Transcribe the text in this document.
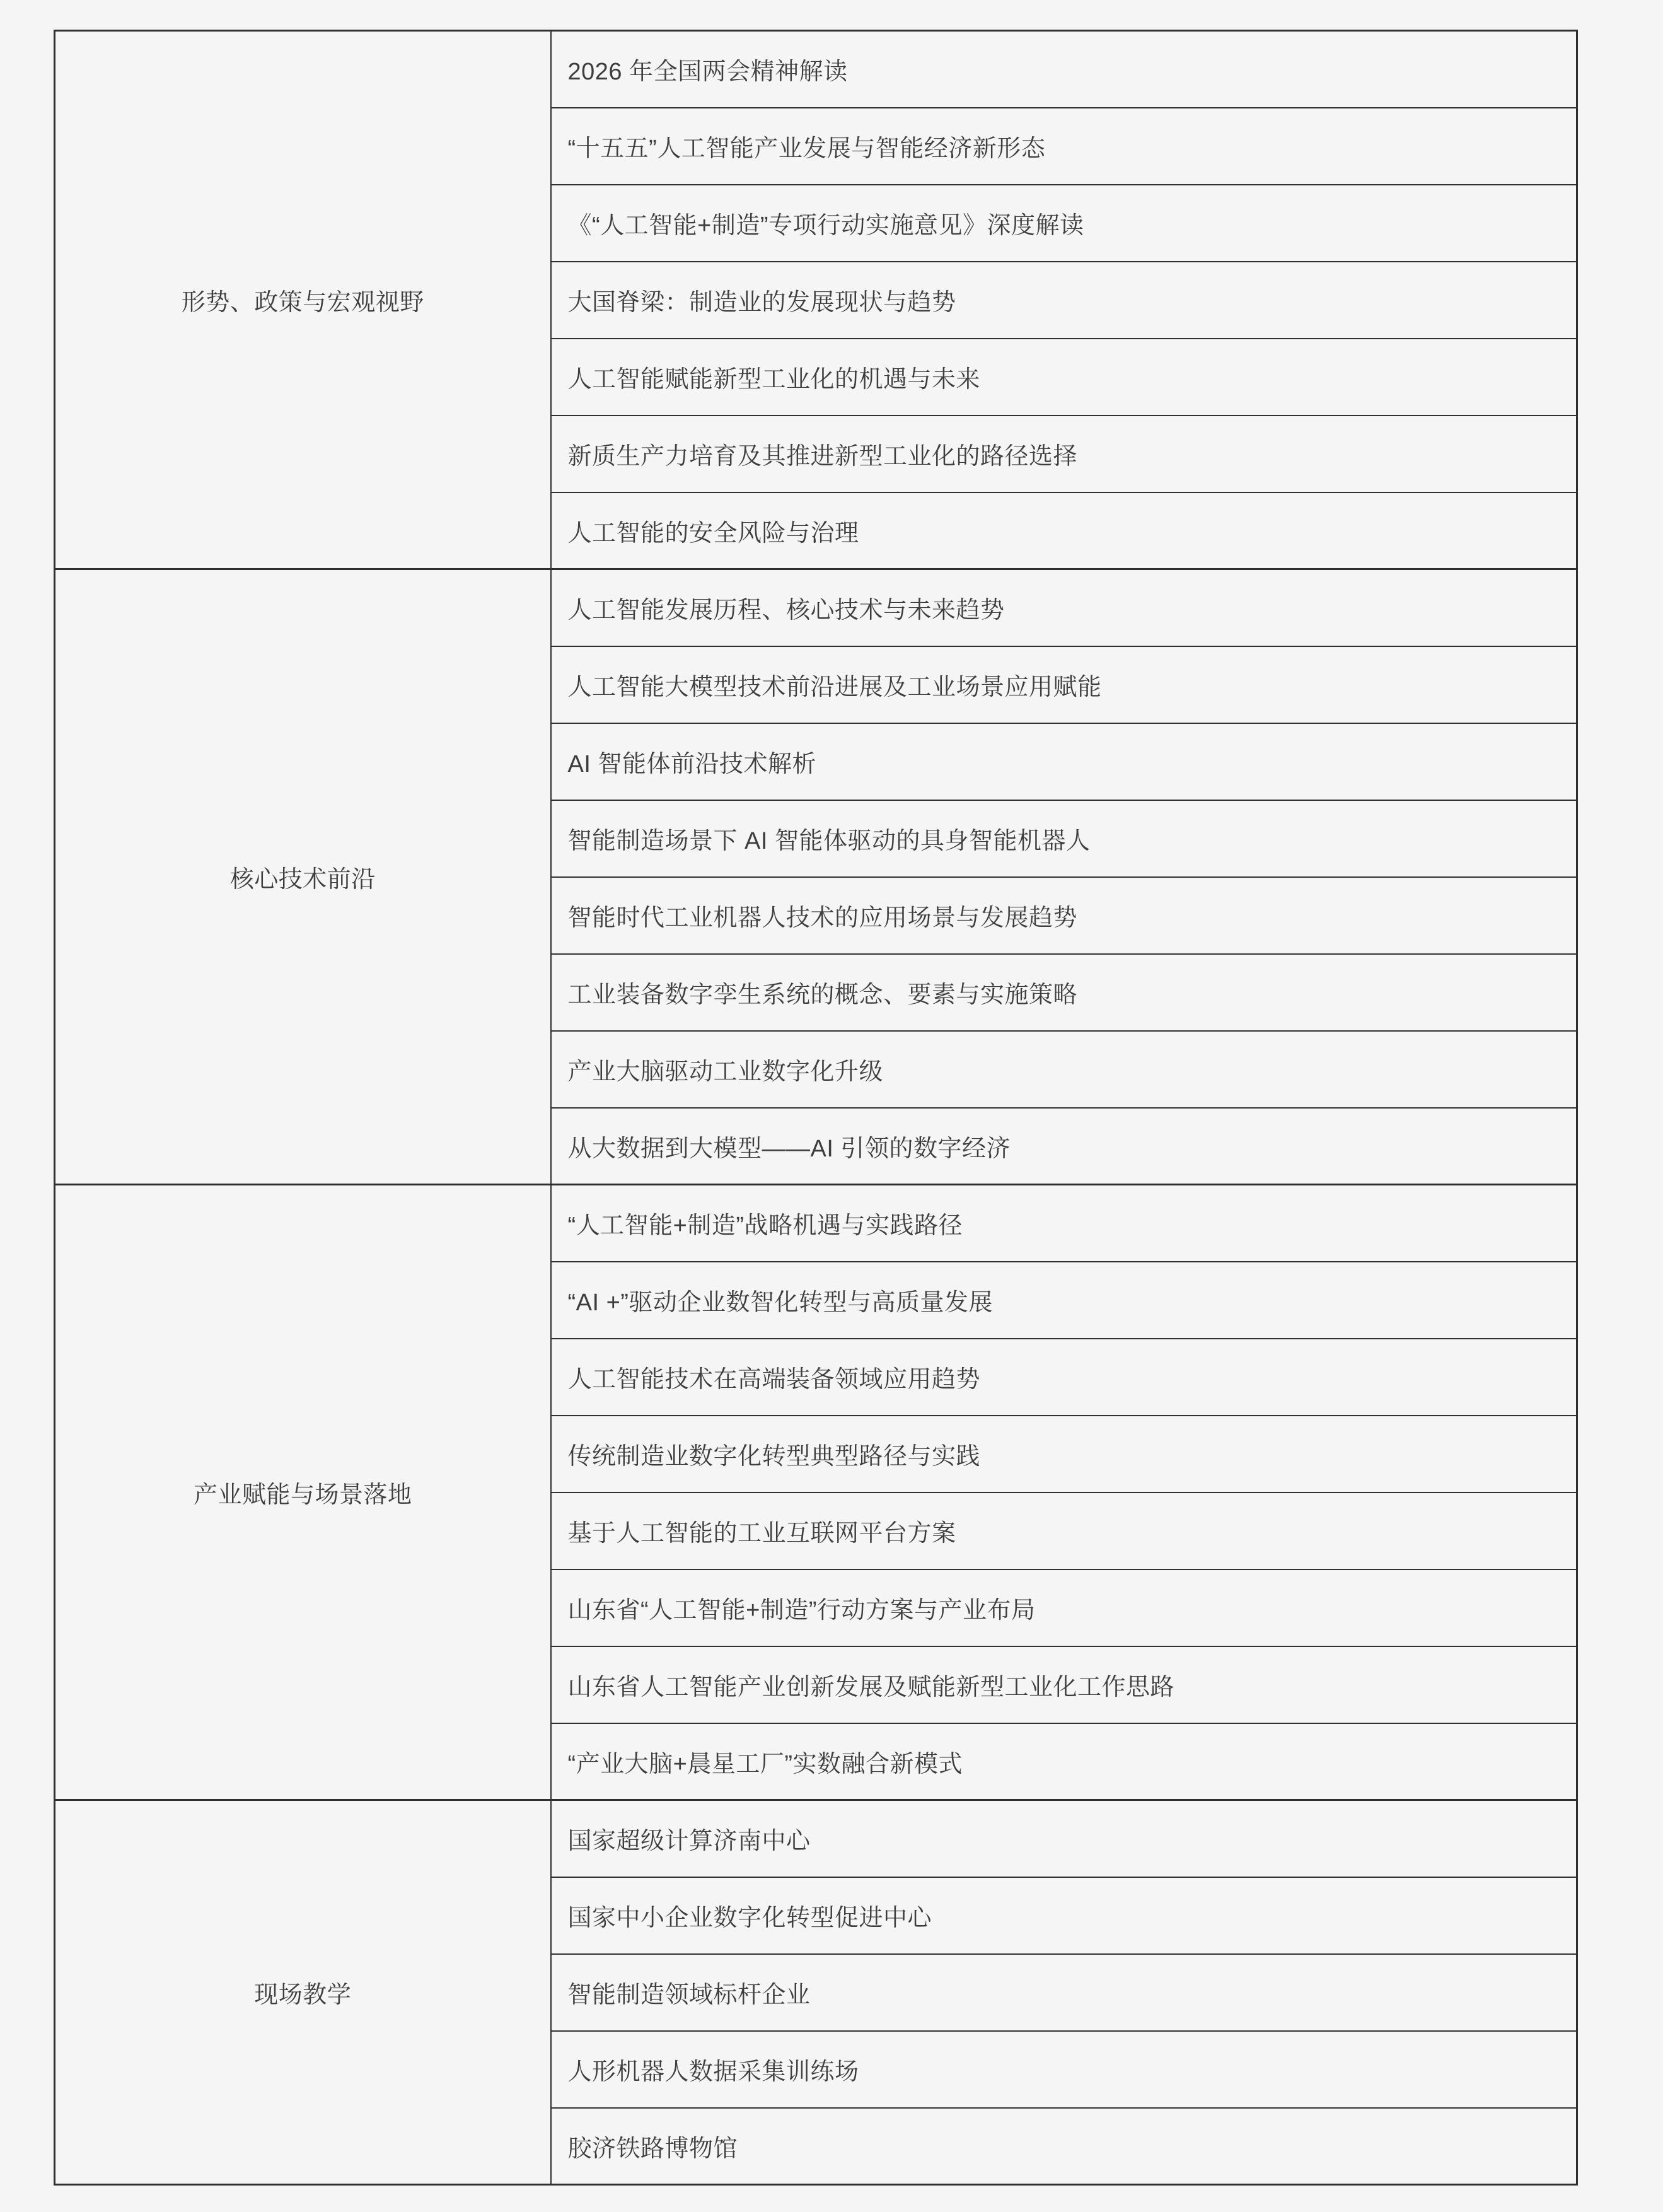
形势、政策与宏观视野	2026 年全国两会精神解读
	“十五五”人工智能产业发展与智能经济新形态
	《“人工智能+制造”专项行动实施意见》深度解读
	大国脊梁：制造业的发展现状与趋势
	人工智能赋能新型工业化的机遇与未来
	新质生产力培育及其推进新型工业化的路径选择
	人工智能的安全风险与治理
核心技术前沿	人工智能发展历程、核心技术与未来趋势
	人工智能大模型技术前沿进展及工业场景应用赋能
	AI 智能体前沿技术解析
	智能制造场景下 AI 智能体驱动的具身智能机器人
	智能时代工业机器人技术的应用场景与发展趋势
	工业装备数字孪生系统的概念、要素与实施策略
	产业大脑驱动工业数字化升级
	从大数据到大模型——AI 引领的数字经济
产业赋能与场景落地	“人工智能+制造”战略机遇与实践路径
	“AI +”驱动企业数智化转型与高质量发展
	人工智能技术在高端装备领域应用趋势
	传统制造业数字化转型典型路径与实践
	基于人工智能的工业互联网平台方案
	山东省“人工智能+制造”行动方案与产业布局
	山东省人工智能产业创新发展及赋能新型工业化工作思路
	“产业大脑+晨星工厂”实数融合新模式
现场教学	国家超级计算济南中心
	国家中小企业数字化转型促进中心
	智能制造领域标杆企业
	人形机器人数据采集训练场
	胶济铁路博物馆
